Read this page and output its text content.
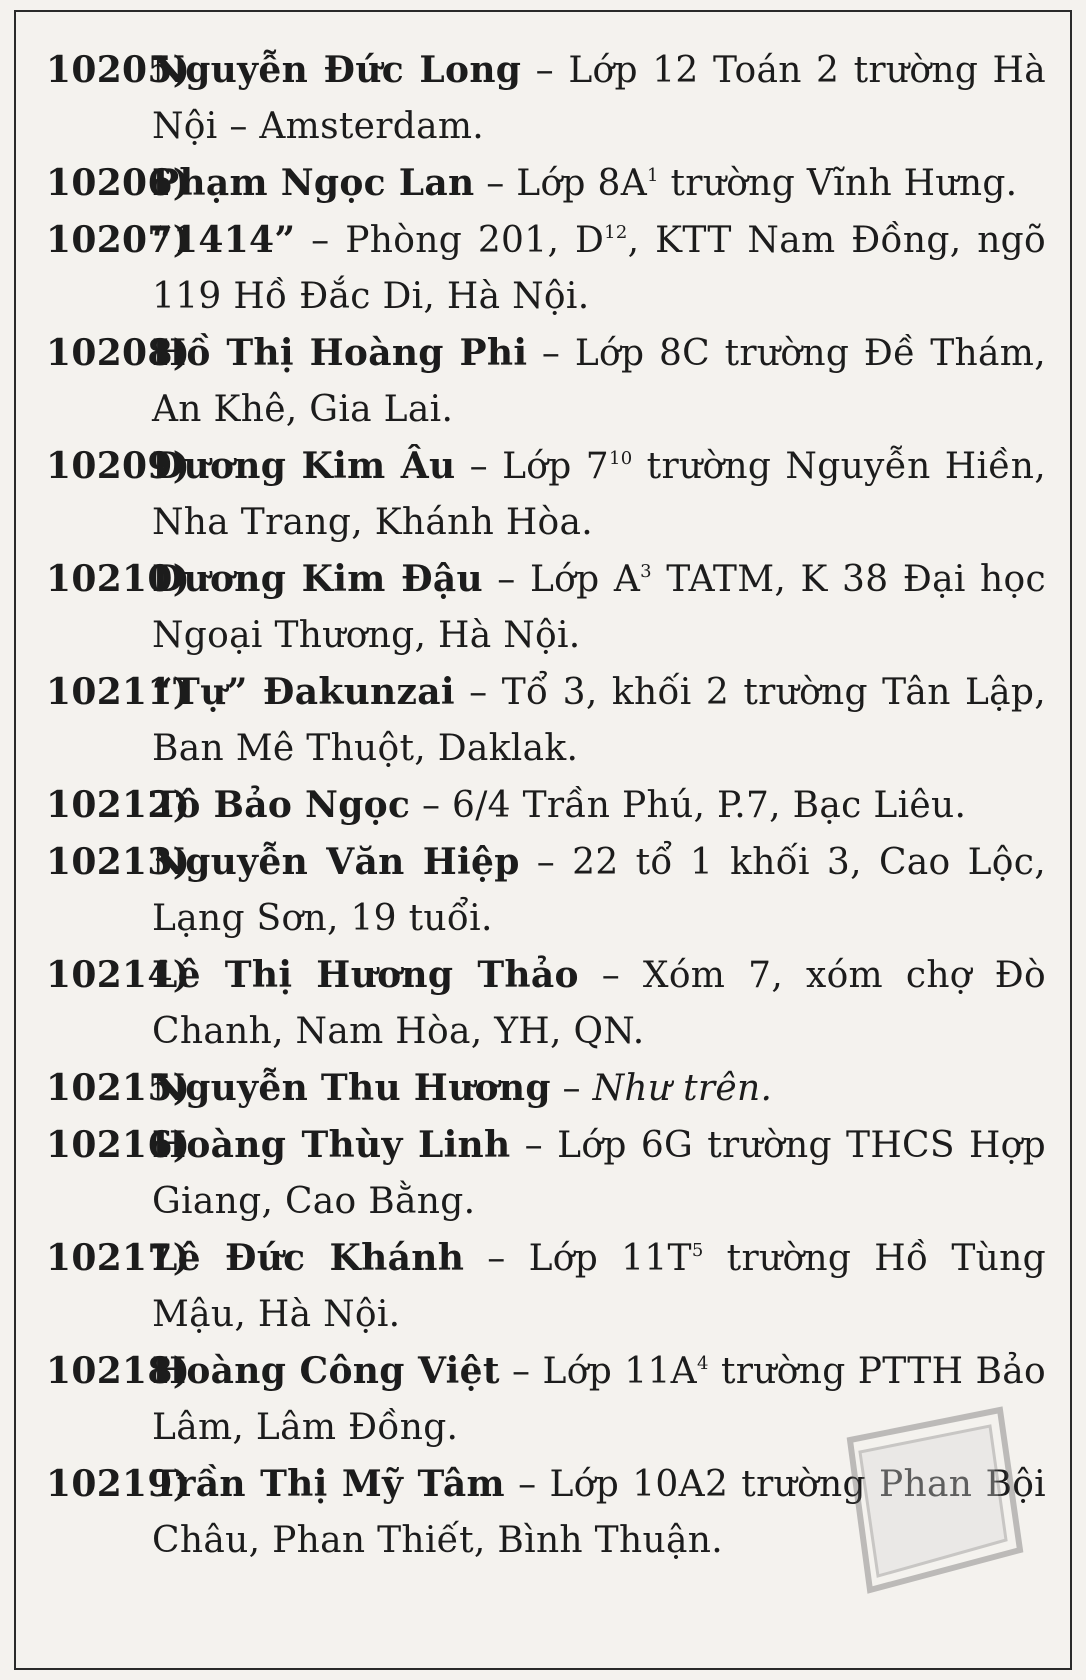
10205 )
Nguyễn Đức Long – Lớp 12 Toán 2 trường Hà Nội – Amsterdam.
10206 )
Phạm Ngọc Lan – Lớp $8A^1$ trường Vĩnh Hưng.
10207 )
“1414” – Phòng 201, $D^{12}$, KTT Nam Đồng, ngõ 119 Hồ Đắc Di, Hà Nội.
10208 )
Hồ Thị Hoàng Phi – Lớp 8C trường Đề Thám, An Khê, Gia Lai.
10209 )
Dương Kim Âu – Lớp $7^{10}$ trường Nguyễn Hiền, Nha Trang, Khánh Hòa.
10210 )
Dương Kim Đậu – Lớp $A^3$ TATM, K 38 Đại học Ngoại Thương, Hà Nội.
10211 )
“Tự” Đakunzai – Tổ 3, khối 2 trường Tân Lập, Ban Mê Thuột, Daklak.
10212 )
Tô Bảo Ngọc – 6/4 Trần Phú, P.7, Bạc Liêu.
10213 )
Nguyễn Văn Hiệp – 22 tổ 1 khối 3, Cao Lộc, Lạng Sơn, 19 tuổi.
10214 )
Lê Thị Hương Thảo – Xóm 7, xóm chợ Đò Chanh, Nam Hòa, YH, QN.
10215 )
Nguyễn Thu Hương – Như trên.
10216 )
Hoàng Thùy Linh – Lớp 6G trường THCS Hợp Giang, Cao Bằng.
10217 )
Lê Đức Khánh – Lớp $11T^5$ trường Hồ Tùng Mậu, Hà Nội.
10218 )
Hoàng Công Việt – Lớp $11A^4$ trường PTTH Bảo Lâm, Lâm Đồng.
10219 )
Trần Thị Mỹ Tâm – Lớp 10A2 trường Phan Bội Châu, Phan Thiết, Bình Thuận.
